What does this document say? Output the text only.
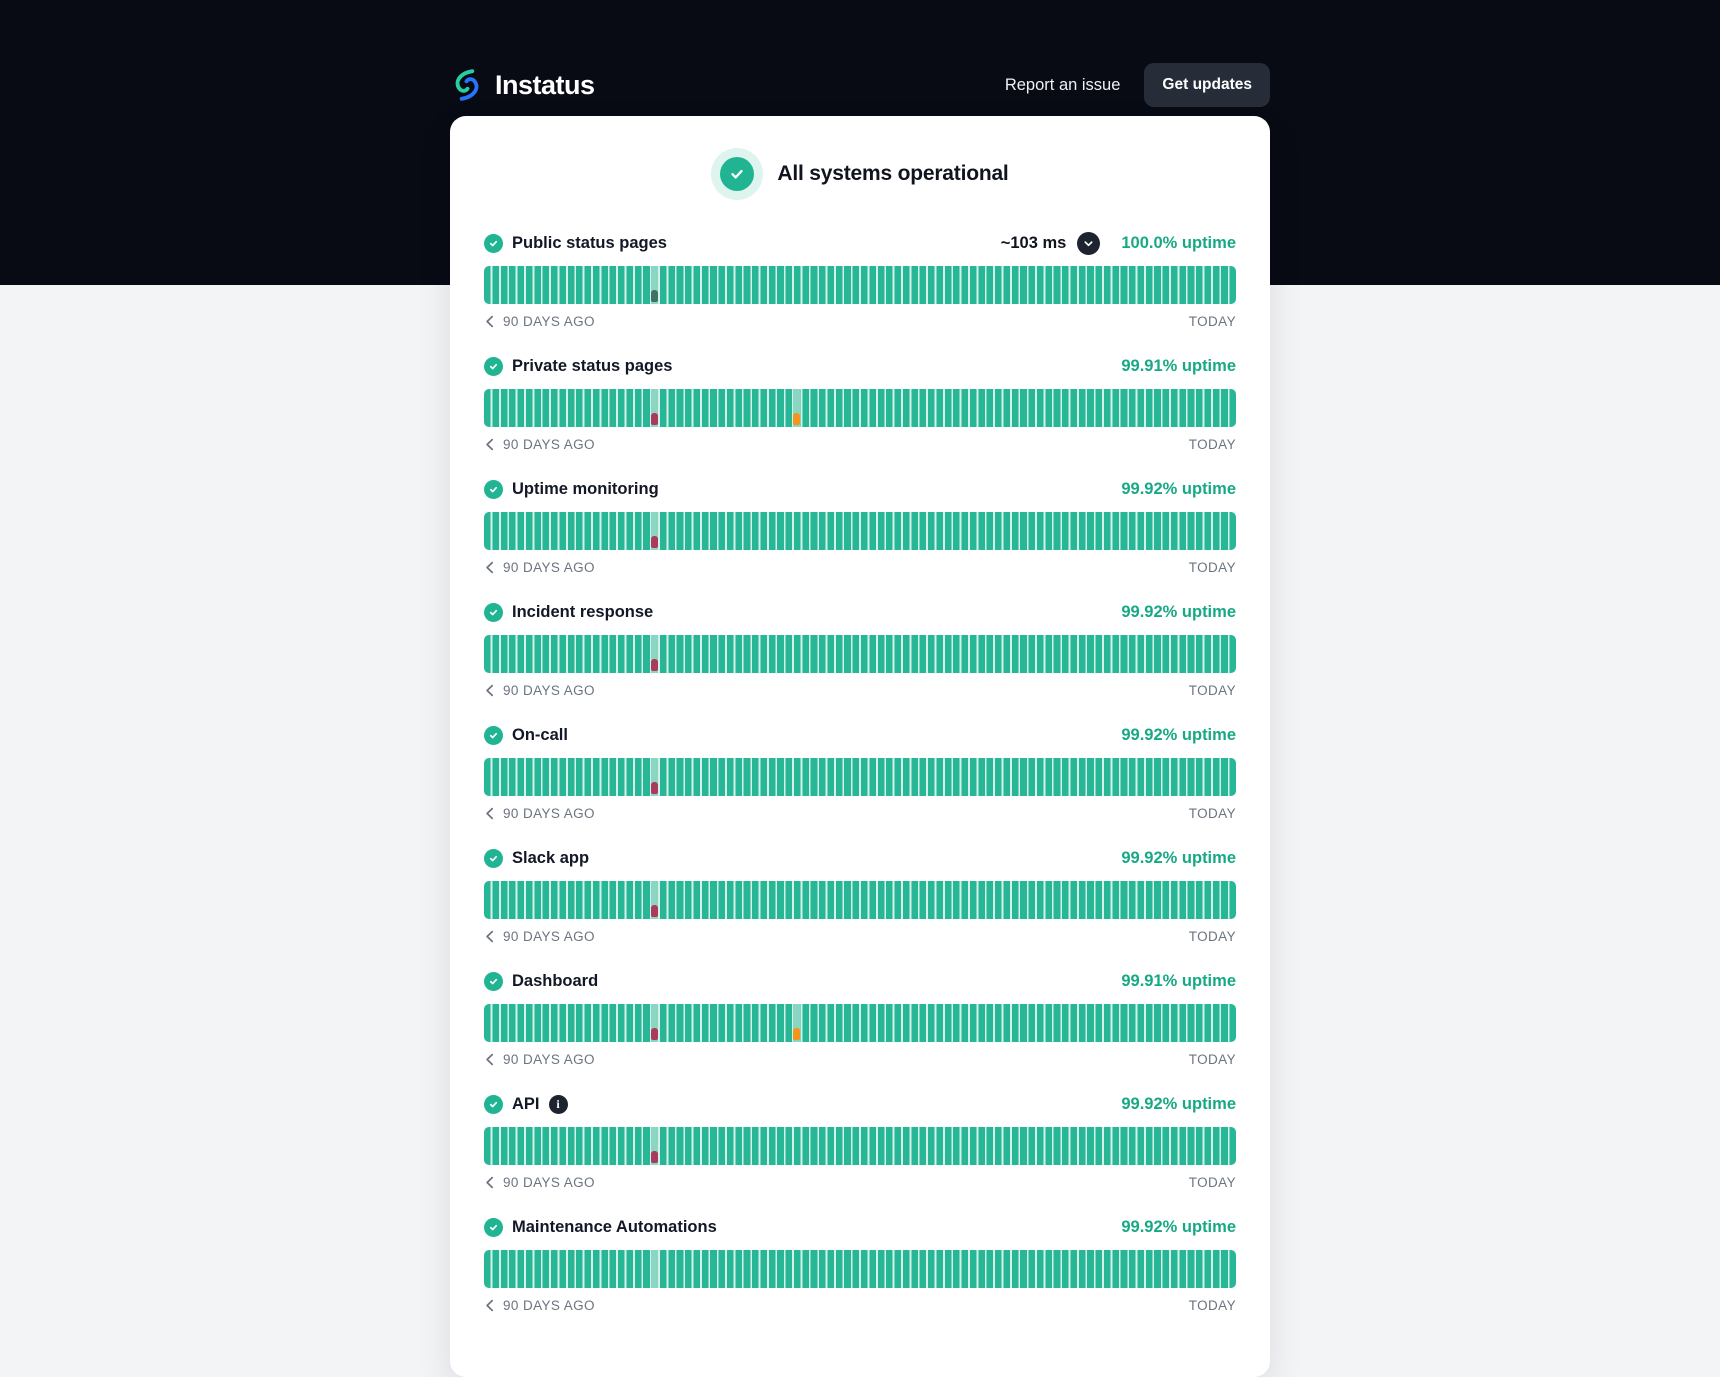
Instatus	Report an issue	Get updates
All systems operational
Public status pages	~103 ms	100.0% uptime
90 DAYS AGO	TODAY
Private status pages	99.91% uptime
90 DAYS AGO	TODAY
Uptime monitoring	99.92% uptime
90 DAYS AGO	TODAY
Incident response	99.92% uptime
90 DAYS AGO	TODAY
On-call	99.92% uptime
90 DAYS AGO	TODAY
Slack app	99.92% uptime
90 DAYS AGO	TODAY
Dashboard	99.91% uptime
90 DAYS AGO	TODAY
API	i	99.92% uptime
90 DAYS AGO	TODAY
Maintenance Automations	99.92% uptime
90 DAYS AGO	TODAY
